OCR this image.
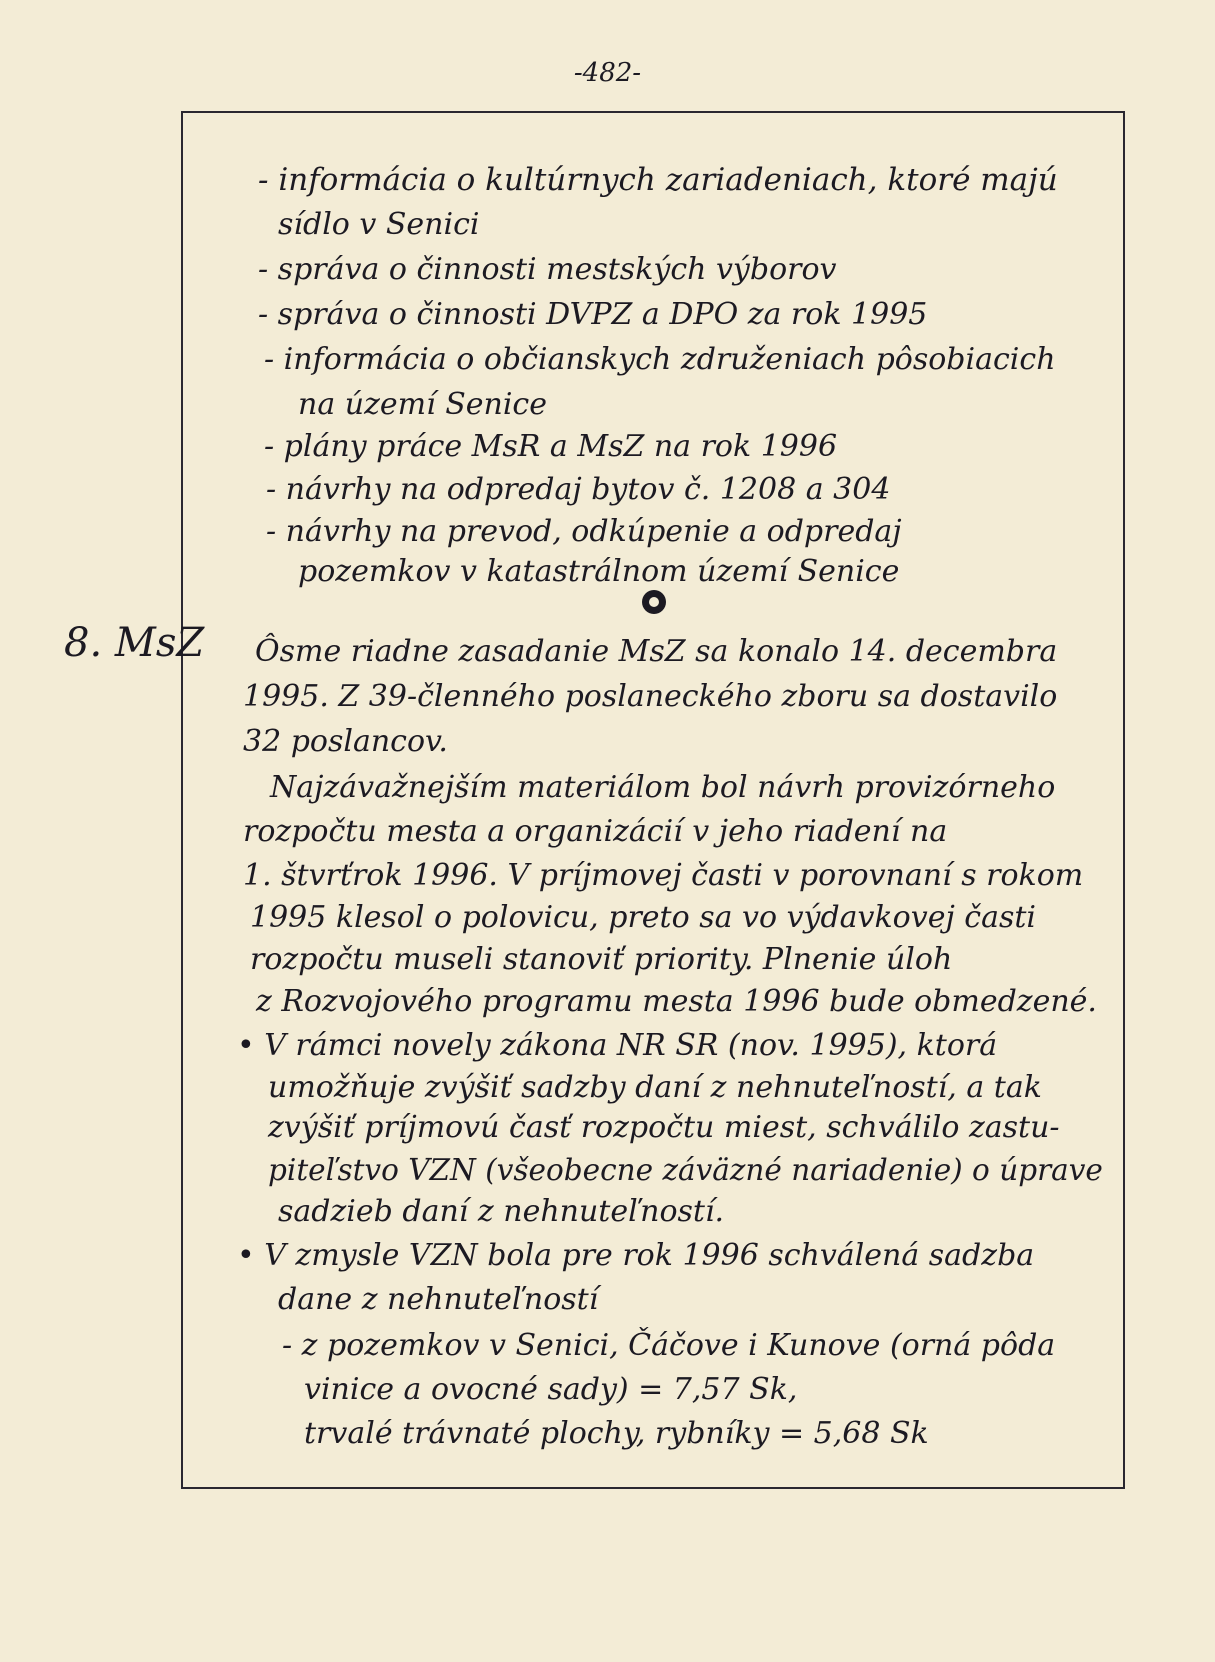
-482-
8. MsZ
- informácia o kultúrnych zariadeniach, ktoré majú
sídlo v Senici
- správa o činnosti mestských výborov
- správa o činnosti DVPZ a DPO za rok 1995
- informácia o občianskych združeniach pôsobiacich
na území Senice
- plány práce MsR a MsZ na rok 1996
- návrhy na odpredaj bytov č. 1208 a 304
- návrhy na prevod, odkúpenie a odpredaj
pozemkov v katastrálnom území Senice
Ôsme riadne zasadanie MsZ sa konalo 14. decembra
1995. Z 39-členného poslaneckého zboru sa dostavilo
32 poslancov.
Najzávažnejším materiálom bol návrh provizórneho
rozpočtu mesta a organizácií v jeho riadení na
1. štvrťrok 1996. V príjmovej časti v porovnaní s rokom
1995 klesol o polovicu, preto sa vo výdavkovej časti
rozpočtu museli stanoviť priority. Plnenie úloh
z Rozvojového programu mesta 1996 bude obmedzené.
• V rámci novely zákona NR SR (nov. 1995), ktorá
umožňuje zvýšiť sadzby daní z nehnuteľností, a tak
zvýšiť príjmovú časť rozpočtu miest, schválilo zastu-
piteľstvo VZN (všeobecne záväzné nariadenie) o úprave
sadzieb daní z nehnuteľností.
• V zmysle VZN bola pre rok 1996 schválená sadzba
dane z nehnuteľností
- z pozemkov v Senici, Čáčove i Kunove (orná pôda
vinice a ovocné sady) = 7,57 Sk,
trvalé trávnaté plochy, rybníky = 5,68 Sk
